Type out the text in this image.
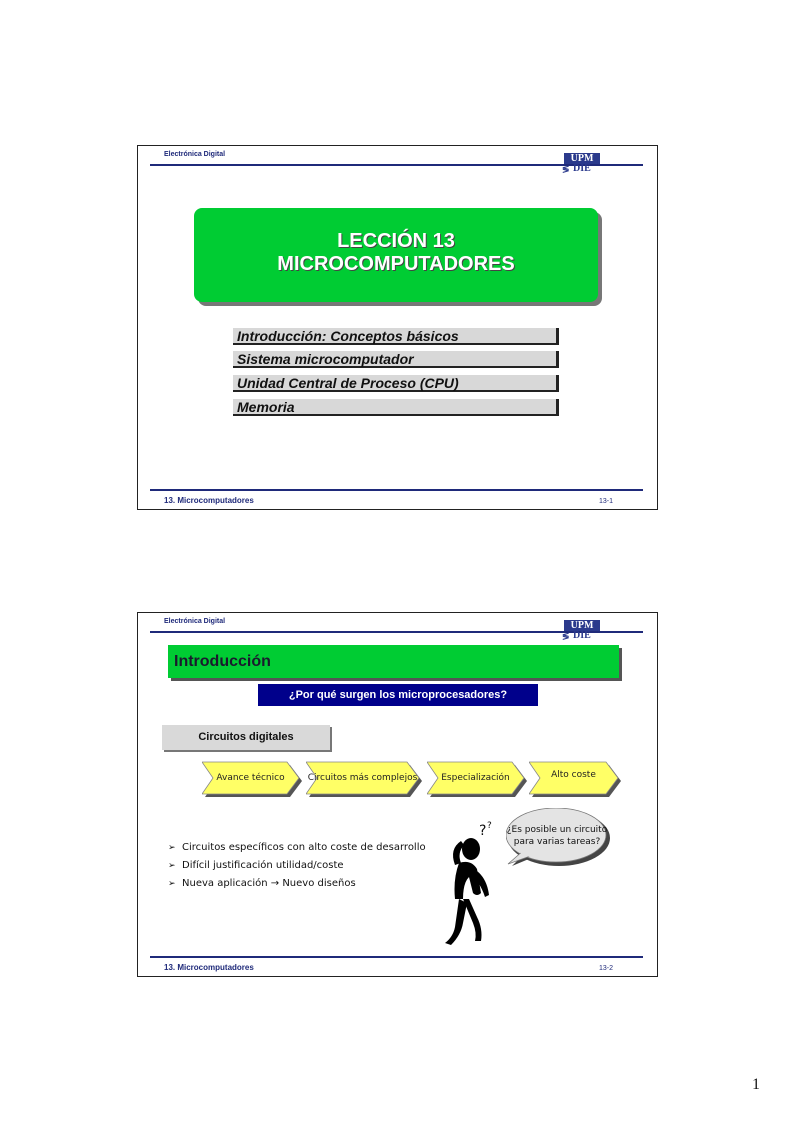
Electrónica Digital	UPM
≶ DIE
LECCIÓN 13
MICROCOMPUTADORES
Introducción: Conceptos básicos
Sistema microcomputador
Unidad Central de Proceso (CPU)
Memoria
13. Microcomputadores	13-1
Electrónica Digital	UPM
≶ DIE
Introducción
¿Por qué surgen los microprocesadores?
Circuitos digitales
Avance técnico	Circuitos más complejos	Especialización	Alto coste
➢ Circuitos específicos con alto coste de desarrollo
➢ Difícil justificación utilidad/coste
➢ Nueva aplicación → Nuevo diseños
? ? ¿Es posible un circuito para varias tareas?
13. Microcomputadores	13-2
1
